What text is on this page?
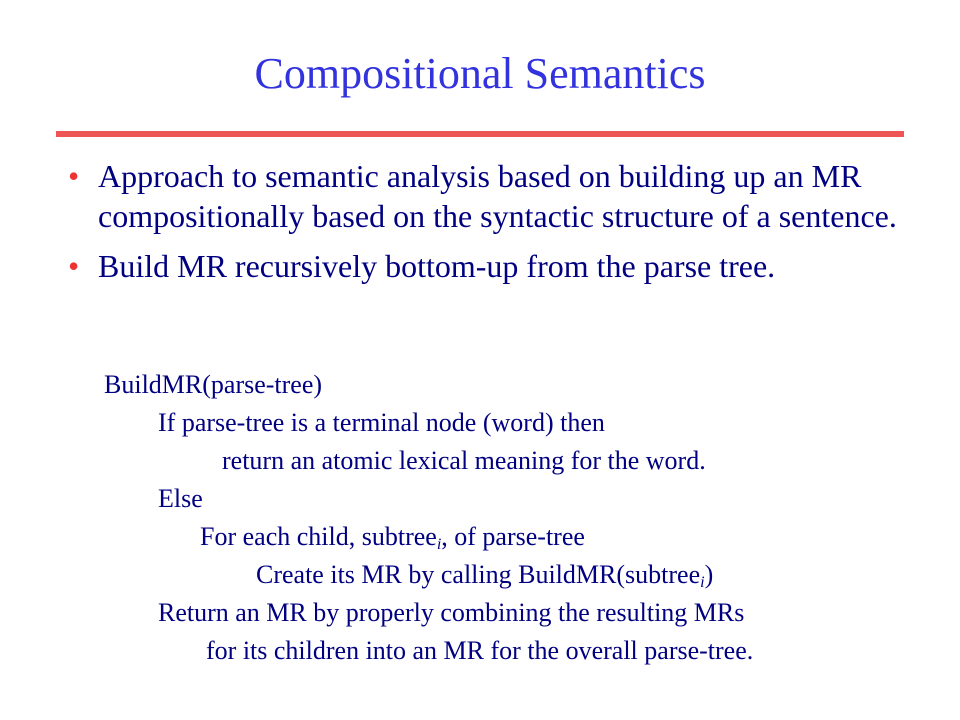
Compositional Semantics
• Approach to semantic analysis based on building up an MR compositionally based on the syntactic structure of a sentence.
• Build MR recursively bottom-up from the parse tree.
BuildMR(parse-tree)
If parse-tree is a terminal node (word) then
return an atomic lexical meaning for the word.
Else
For each child, subtree$_i$, of parse-tree
Create its MR by calling BuildMR(subtree$_i$)
Return an MR by properly combining the resulting MRs
for its children into an MR for the overall parse-tree.
